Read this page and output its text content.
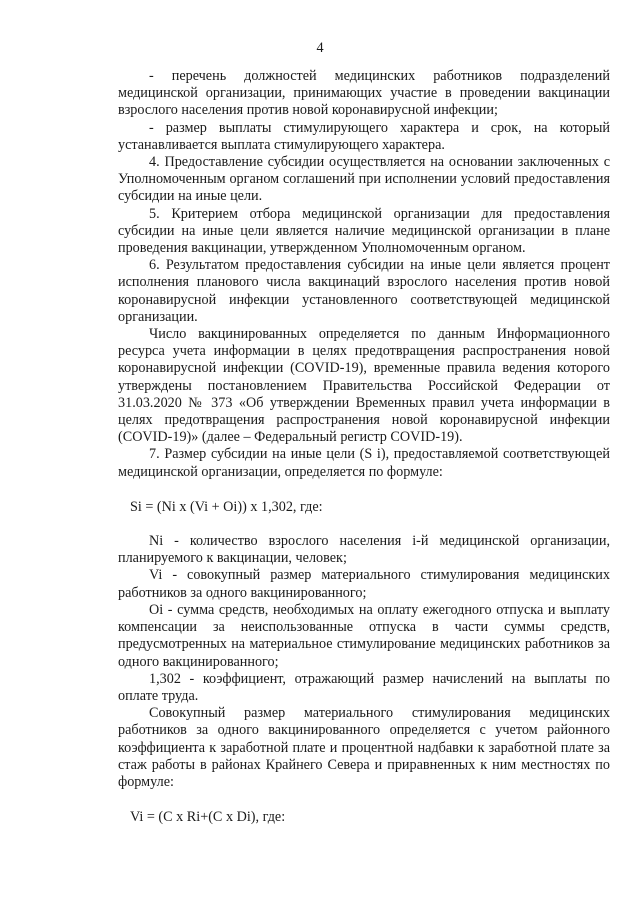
4

- перечень должностей медицинских работников подразделений медицинской организации, принимающих участие в проведении вакцинации взрослого населения против новой коронавирусной инфекции;

- размер выплаты стимулирующего характера и срок, на который устанавливается выплата стимулирующего характера.

4. Предоставление субсидии осуществляется на основании заключенных с Уполномоченным органом соглашений при исполнении условий предоставления субсидии на иные цели.

5. Критерием отбора медицинской организации для предоставления субсидии на иные цели является наличие медицинской организации в плане проведения вакцинации, утвержденном Уполномоченным органом.

6. Результатом предоставления субсидии на иные цели является процент исполнения планового числа вакцинаций взрослого населения против новой коронавирусной инфекции установленного соответствующей медицинской организации.

Число вакцинированных определяется по данным Информационного ресурса учета информации в целях предотвращения распространения новой коронавирусной инфекции (COVID-19), временные правила ведения которого утверждены постановлением Правительства Российской Федерации от 31.03.2020 № 373 «Об утверждении Временных правил учета информации в целях предотвращения распространения новой коронавирусной инфекции (COVID-19)» (далее – Федеральный регистр COVID-19).

7. Размер субсидии на иные цели (S i), предоставляемой соответствующей медицинской организации, определяется по формуле:

Si = (Ni х (Vi + Oi)) х 1,302, где:

Ni - количество взрослого населения i-й медицинской организации, планируемого к вакцинации, человек;

Vi - совокупный размер материального стимулирования медицинских работников за одного вакцинированного;

Oi - сумма средств, необходимых на оплату ежегодного отпуска и выплату компенсации за неиспользованные отпуска в части суммы средств, предусмотренных на материальное стимулирование медицинских работников за одного вакцинированного;

1,302 - коэффициент, отражающий размер начислений на выплаты по оплате труда.

Совокупный размер материального стимулирования медицинских работников за одного вакцинированного определяется с учетом районного коэффициента к заработной плате и процентной надбавки к заработной плате за стаж работы в районах Крайнего Севера и приравненных к ним местностях по формуле:

Vi = (C х Ri+(C х Di), где:
